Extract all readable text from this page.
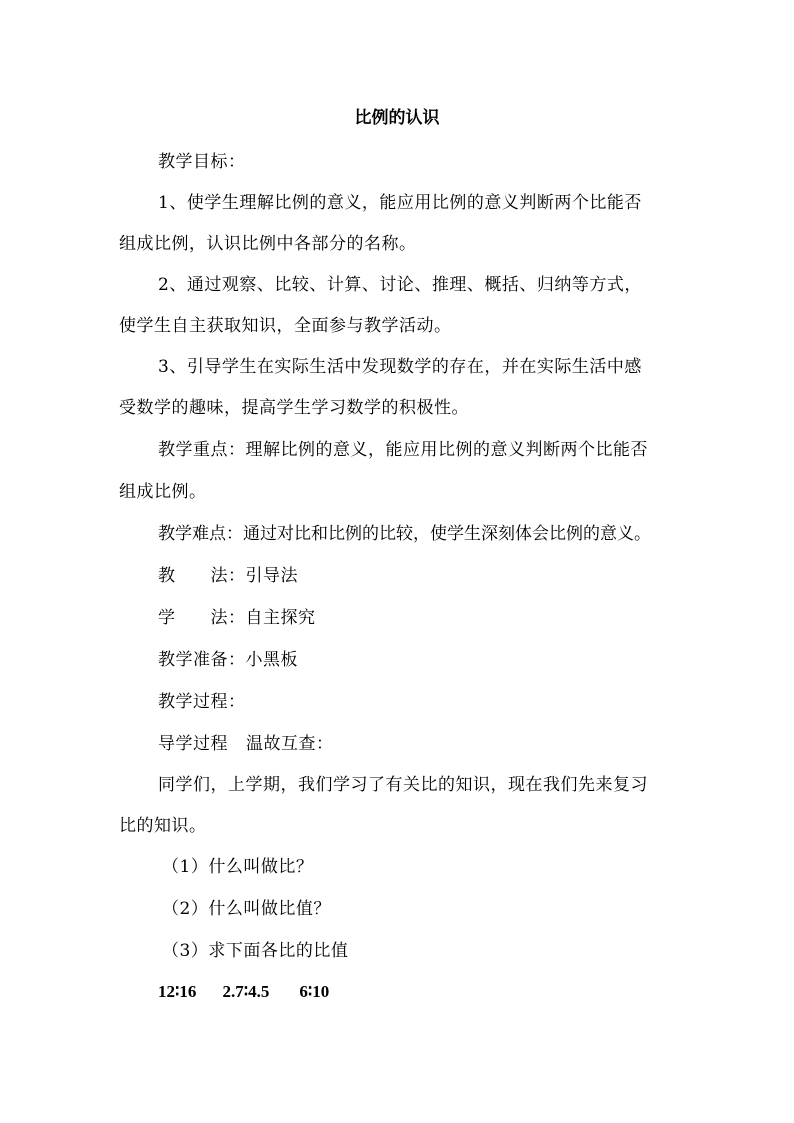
比例的认识
教学目标：
1、使学生理解比例的意义，能应用比例的意义判断两个比能否
组成比例，认识比例中各部分的名称。
2、通过观察、比较、计算、讨论、推理、概括、归纳等方式，
使学生自主获取知识，全面参与教学活动。
3、引导学生在实际生活中发现数学的存在，并在实际生活中感
受数学的趣味，提高学生学习数学的积极性。
教学重点：理解比例的意义，能应用比例的意义判断两个比能否
组成比例。
教学难点：通过对比和比例的比较，使学生深刻体会比例的意义。
教　　法：引导法
学　　法：自主探究
教学准备：小黑板
教学过程：
导学过程 温故互查：
同学们，上学期，我们学习了有关比的知识，现在我们先来复习
比的知识。
（1）什么叫做比？
（2）什么叫做比值？
（3）求下面各比的比值
12∶16 2.7∶4.5 6∶10
